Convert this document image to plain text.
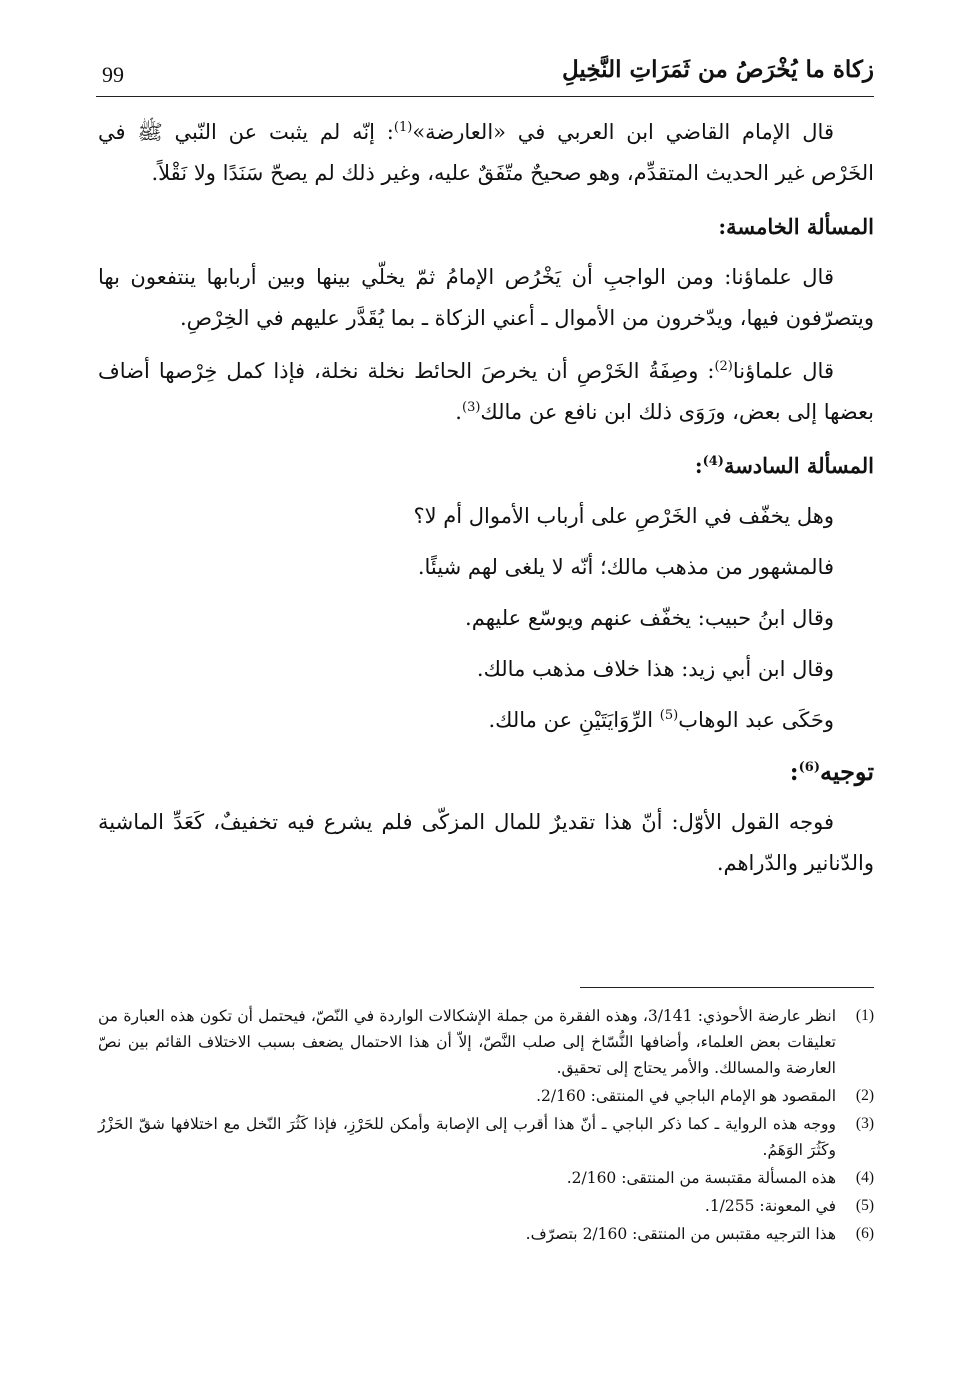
زكاة ما يُخْرَصُ من ثَمَرَاتِ النَّخِيلِ
99

قال الإمام القاضي ابن العربي في «العارضة»$^{(1)}$: إنّه لم يثبت عن النّبي ﷺ في الخَرْص غير الحديث المتقدِّم، وهو صحيحٌ متّفَقٌ عليه، وغير ذلك لم يصحّ سَنَدًا ولا نَقْلاً.

المسألة الخامسة:

قال علماؤنا: ومن الواجبِ أن يَخْرُص الإمامُ ثمّ يخلّي بينها وبين أربابها ينتفعون بها ويتصرّفون فيها، ويدّخرون من الأموال ـ أعني الزكاة ـ بما يُقَدَّر عليهم في الخِرْصِ.

قال علماؤنا$^{(2)}$: وصِفَةُ الخَرْصِ أن يخرصَ الحائط نخلة نخلة، فإذا كمل خِرْصها أضاف بعضها إلى بعض، ورَوَى ذلك ابن نافع عن مالك$^{(3)}$.

المسألة السادسة$^{(4)}$:

وهل يخفّف في الخَرْصِ على أرباب الأموال أم لا؟

فالمشهور من مذهب مالك؛ أنّه لا يلغى لهم شيئًا.

وقال ابنُ حبيب: يخفّف عنهم ويوسّع عليهم.

وقال ابن أبي زيد: هذا خلاف مذهب مالك.

وحَكَى عبد الوهاب$^{(5)}$ الرِّوَايَتَيْنِ عن مالك.

توجيه$^{(6)}$:

فوجه القول الأوّل: أنّ هذا تقديرٌ للمال المزكّى فلم يشرع فيه تخفيفٌ، كَعَدِّ الماشية والدّنانير والدّراهم.

(1)
انظر عارضة الأحوذي: 3/141، وهذه الفقرة من جملة الإشكالات الواردة في النّصّ، فيحتمل أن تكون هذه العبارة من تعليقات بعض العلماء، وأضافها النُّسّاخ إلى صلب النَّصّ، إلاّ أن هذا الاحتمال يضعف بسبب الاختلاف القائم بين نصّ العارضة والمسالك. والأمر يحتاج إلى تحقيق.
(2)
المقصود هو الإمام الباجي في المنتقى: 2/160.
(3)
ووجه هذه الرواية ـ كما ذكر الباجي ـ أنّ هذا أقرب إلى الإصابة وأمكن للحَرْزِ، فإذا كَثُرَ النّخل مع اختلافها شقّ الحَزْرُ وكَثُرَ الوَهَمُ.
(4)
هذه المسألة مقتبسة من المنتقى: 2/160.
(5)
في المعونة: 1/255.
(6)
هذا الترجيه مقتبس من المنتقى: 2/160 بتصرّف.
